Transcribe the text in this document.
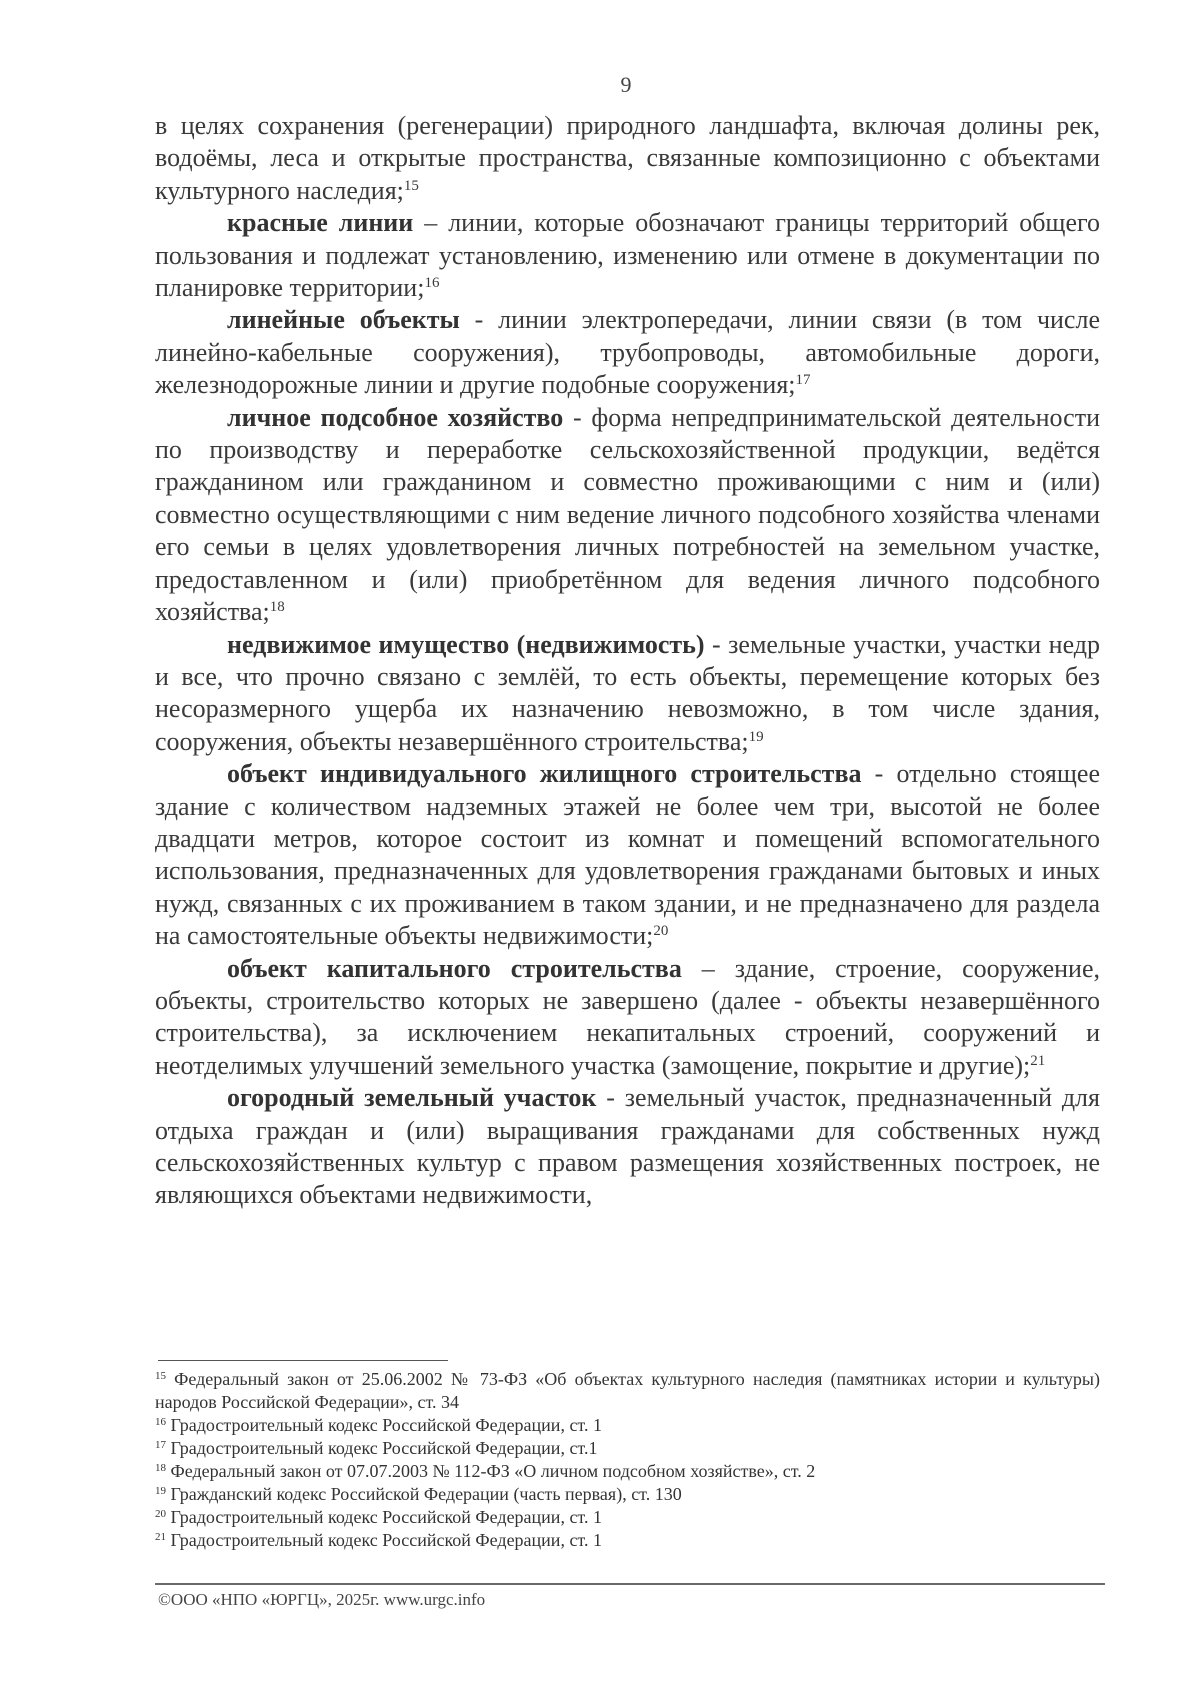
9

в целях сохранения (регенерации) природного ландшафта, включая долины рек, водоёмы, леса и открытые пространства, связанные композиционно с объектами культурного наследия;$^{15}$

красные линии – линии, которые обозначают границы территорий общего пользования и подлежат установлению, изменению или отмене в документации по планировке территории;$^{16}$

линейные объекты - линии электропередачи, линии связи (в том числе линейно-кабельные сооружения), трубопроводы, автомобильные дороги, железнодорожные линии и другие подобные сооружения;$^{17}$

личное подсобное хозяйство - форма непредпринимательской деятельности по производству и переработке сельскохозяйственной продукции, ведётся гражданином или гражданином и совместно проживающими с ним и (или) совместно осуществляющими с ним ведение личного подсобного хозяйства членами его семьи в целях удовлетворения личных потребностей на земельном участке, предоставленном и (или) приобретённом для ведения личного подсобного хозяйства;$^{18}$

недвижимое имущество (недвижимость) - земельные участки, участки недр и все, что прочно связано с землёй, то есть объекты, перемещение которых без несоразмерного ущерба их назначению невозможно, в том числе здания, сооружения, объекты незавершённого строительства;$^{19}$

объект индивидуального жилищного строительства - отдельно стоящее здание с количеством надземных этажей не более чем три, высотой не более двадцати метров, которое состоит из комнат и помещений вспомогательного использования, предназначенных для удовлетворения гражданами бытовых и иных нужд, связанных с их проживанием в таком здании, и не предназначено для раздела на самостоятельные объекты недвижимости;$^{20}$

объект капитального строительства – здание, строение, сооружение, объекты, строительство которых не завершено (далее - объекты незавершённого строительства), за исключением некапитальных строений, сооружений и неотделимых улучшений земельного участка (замощение, покрытие и другие);$^{21}$

огородный земельный участок - земельный участок, предназначенный для отдыха граждан и (или) выращивания гражданами для собственных нужд сельскохозяйственных культур с правом размещения хозяйственных построек, не являющихся объектами недвижимости,

$^{15}$ Федеральный закон от 25.06.2002 № 73-ФЗ «Об объектах культурного наследия (памятниках истории и культуры) народов Российской Федерации», ст. 34

$^{16}$ Градостроительный кодекс Российской Федерации, ст. 1

$^{17}$ Градостроительный кодекс Российской Федерации, ст.1

$^{18}$ Федеральный закон от 07.07.2003 № 112-ФЗ «О личном подсобном хозяйстве», ст. 2

$^{19}$ Гражданский кодекс Российской Федерации (часть первая), ст. 130

$^{20}$ Градостроительный кодекс Российской Федерации, ст. 1

$^{21}$ Градостроительный кодекс Российской Федерации, ст. 1

©ООО «НПО «ЮРГЦ», 2025г. www.urgc.info
